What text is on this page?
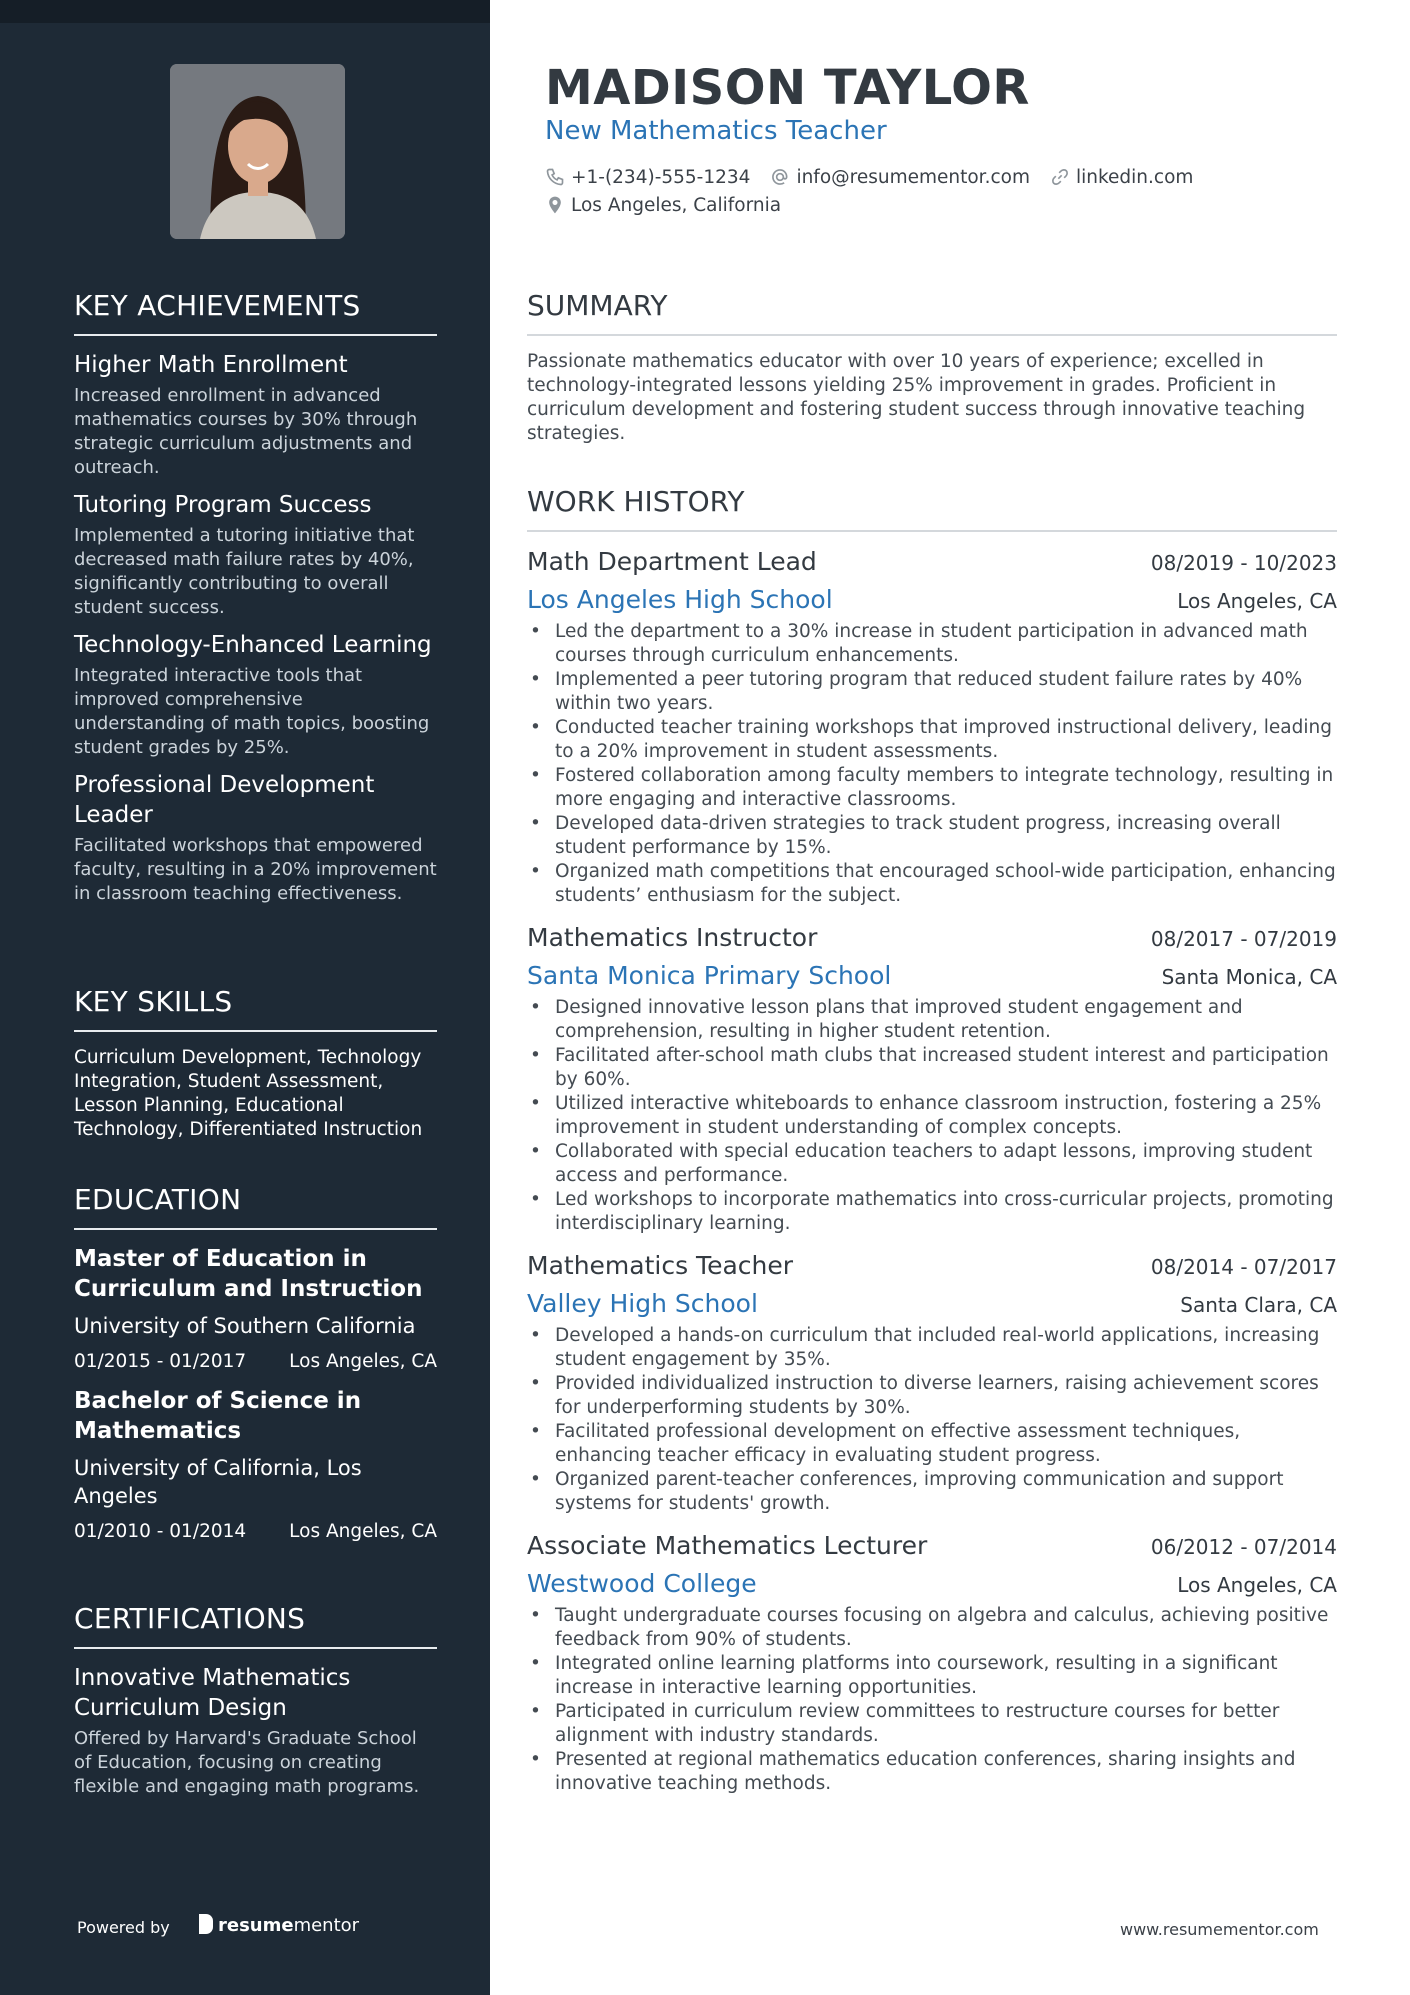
KEY ACHIEVEMENTS
Higher Math Enrollment
Increased enrollment in advanced mathematics courses by 30% through strategic curriculum adjustments and outreach.
Tutoring Program Success
Implemented a tutoring initiative that decreased math failure rates by 40%, significantly contributing to overall student success.
Technology-Enhanced Learning
Integrated interactive tools that improved comprehensive understanding of math topics, boosting student grades by 25%.
Professional Development Leader
Facilitated workshops that empowered faculty, resulting in a 20% improvement in classroom teaching effectiveness.
KEY SKILLS
Curriculum Development, Technology Integration, Student Assessment, Lesson Planning, Educational Technology, Differentiated Instruction
EDUCATION
Master of Education in Curriculum and Instruction
University of Southern California
01/2015 - 01/2017 Los Angeles, CA
Bachelor of Science in Mathematics
University of California, Los Angeles
01/2010 - 01/2014 Los Angeles, CA
CERTIFICATIONS
Innovative Mathematics Curriculum Design
Offered by Harvard's Graduate School of Education, focusing on creating flexible and engaging math programs.
Powered by	resumementor
MADISON TAYLOR
New Mathematics Teacher
+1-(234)-555-1234 info@resumementor.com linkedin.com
Los Angeles, California
SUMMARY
Passionate mathematics educator with over 10 years of experience; excelled in technology-integrated lessons yielding 25% improvement in grades. Proficient in curriculum development and fostering student success through innovative teaching strategies.
WORK HISTORY
Math Department Lead	08/2019 - 10/2023
Los Angeles High School	Los Angeles, CA
• Led the department to a 30% increase in student participation in advanced math courses through curriculum enhancements.
• Implemented a peer tutoring program that reduced student failure rates by 40% within two years.
• Conducted teacher training workshops that improved instructional delivery, leading to a 20% improvement in student assessments.
• Fostered collaboration among faculty members to integrate technology, resulting in more engaging and interactive classrooms.
• Developed data-driven strategies to track student progress, increasing overall student performance by 15%.
• Organized math competitions that encouraged school-wide participation, enhancing students’ enthusiasm for the subject.
Mathematics Instructor	08/2017 - 07/2019
Santa Monica Primary School	Santa Monica, CA
• Designed innovative lesson plans that improved student engagement and comprehension, resulting in higher student retention.
• Facilitated after-school math clubs that increased student interest and participation by 60%.
• Utilized interactive whiteboards to enhance classroom instruction, fostering a 25% improvement in student understanding of complex concepts.
• Collaborated with special education teachers to adapt lessons, improving student access and performance.
• Led workshops to incorporate mathematics into cross-curricular projects, promoting interdisciplinary learning.
Mathematics Teacher	08/2014 - 07/2017
Valley High School	Santa Clara, CA
• Developed a hands-on curriculum that included real-world applications, increasing student engagement by 35%.
• Provided individualized instruction to diverse learners, raising achievement scores for underperforming students by 30%.
• Facilitated professional development on effective assessment techniques, enhancing teacher efficacy in evaluating student progress.
• Organized parent-teacher conferences, improving communication and support systems for students' growth.
Associate Mathematics Lecturer	06/2012 - 07/2014
Westwood College	Los Angeles, CA
• Taught undergraduate courses focusing on algebra and calculus, achieving positive feedback from 90% of students.
• Integrated online learning platforms into coursework, resulting in a significant increase in interactive learning opportunities.
• Participated in curriculum review committees to restructure courses for better alignment with industry standards.
• Presented at regional mathematics education conferences, sharing insights and innovative teaching methods.
www.resumementor.com
